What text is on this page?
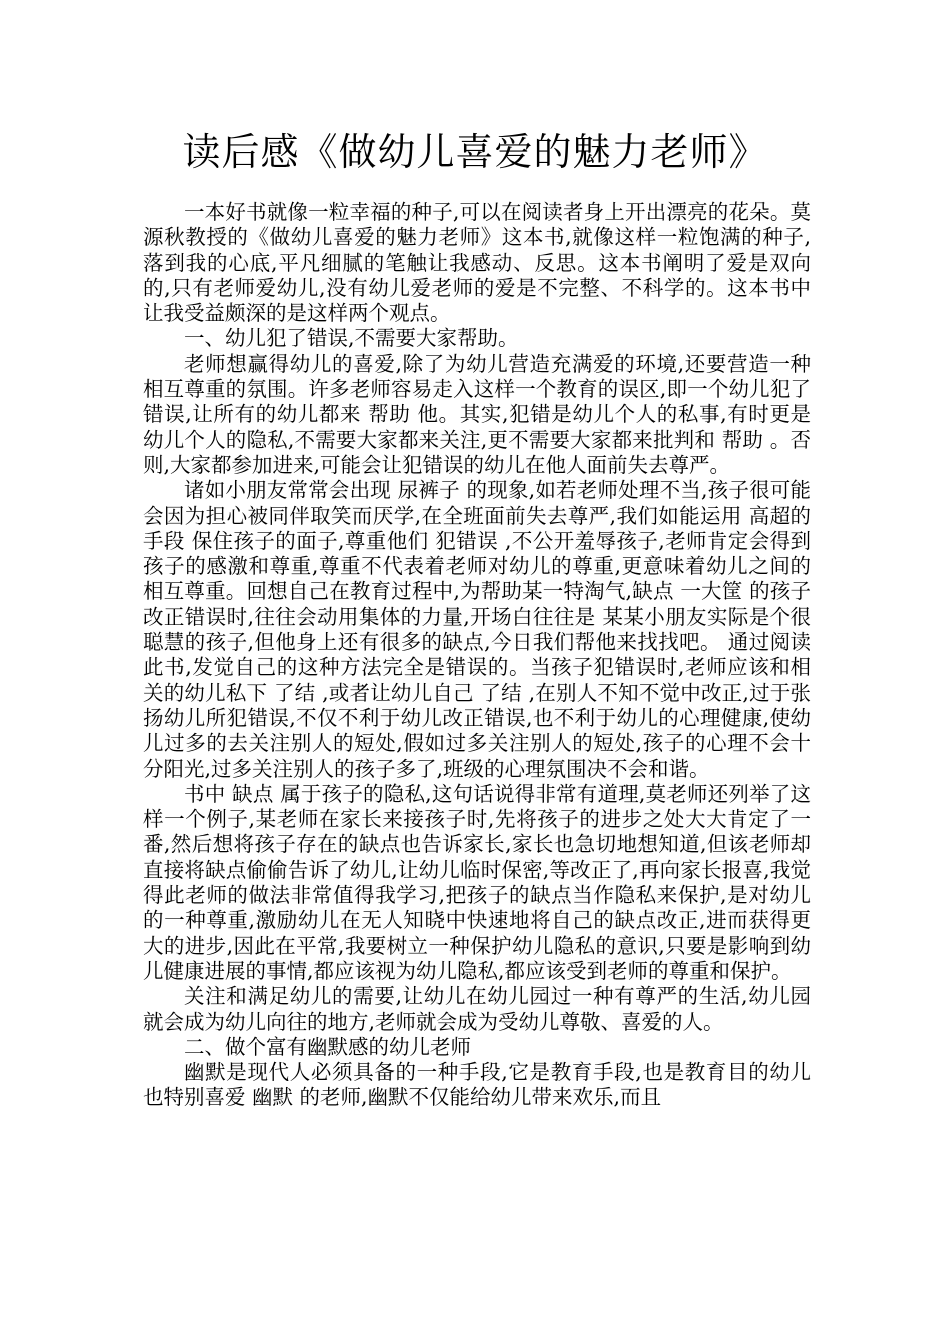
读后感《做幼儿喜爱的魅力老师》

一本好书就像一粒幸福的种子,可以在阅读者身上开出漂亮的花朵。莫源秋教授的《做幼儿喜爱的魅力老师》这本书,就像这样一粒饱满的种子,落到我的心底,平凡细腻的笔触让我感动、反思。这本书阐明了爱是双向的,只有老师爱幼儿,没有幼儿爱老师的爱是不完整、不科学的。这本书中让我受益颇深的是这样两个观点。

一、幼儿犯了错误,不需要大家帮助。

老师想赢得幼儿的喜爱,除了为幼儿营造充满爱的环境,还要营造一种相互尊重的氛围。许多老师容易走入这样一个教育的误区,即一个幼儿犯了错误,让所有的幼儿都来 帮助 他。其实,犯错是幼儿个人的私事,有时更是幼儿个人的隐私,不需要大家都来关注,更不需要大家都来批判和 帮助 。否则,大家都参加进来,可能会让犯错误的幼儿在他人面前失去尊严。

诸如小朋友常常会出现 尿裤子 的现象,如若老师处理不当,孩子很可能会因为担心被同伴取笑而厌学,在全班面前失去尊严,我们如能运用 高超的手段 保住孩子的面子,尊重他们 犯错误 ,不公开羞辱孩子,老师肯定会得到孩子的感激和尊重,尊重不代表着老师对幼儿的尊重,更意味着幼儿之间的相互尊重。回想自己在教育过程中,为帮助某一特淘气,缺点 一大筐 的孩子改正错误时,往往会动用集体的力量,开场白往往是 某某小朋友实际是个很聪慧的孩子,但他身上还有很多的缺点,今日我们帮他来找找吧。 通过阅读此书,发觉自己的这种方法完全是错误的。当孩子犯错误时,老师应该和相关的幼儿私下 了结 ,或者让幼儿自己 了结 ,在别人不知不觉中改正,过于张扬幼儿所犯错误,不仅不利于幼儿改正错误,也不利于幼儿的心理健康,使幼儿过多的去关注别人的短处,假如过多关注别人的短处,孩子的心理不会十分阳光,过多关注别人的孩子多了,班级的心理氛围决不会和谐。

书中 缺点 属于孩子的隐私,这句话说得非常有道理,莫老师还列举了这样一个例子,某老师在家长来接孩子时,先将孩子的进步之处大大肯定了一番,然后想将孩子存在的缺点也告诉家长,家长也急切地想知道,但该老师却直接将缺点偷偷告诉了幼儿,让幼儿临时保密,等改正了,再向家长报喜,我觉得此老师的做法非常值得我学习,把孩子的缺点当作隐私来保护,是对幼儿的一种尊重,激励幼儿在无人知晓中快速地将自己的缺点改正,进而获得更大的进步,因此在平常,我要树立一种保护幼儿隐私的意识,只要是影响到幼儿健康进展的事情,都应该视为幼儿隐私,都应该受到老师的尊重和保护。

关注和满足幼儿的需要,让幼儿在幼儿园过一种有尊严的生活,幼儿园就会成为幼儿向往的地方,老师就会成为受幼儿尊敬、喜爱的人。

二、做个富有幽默感的幼儿老师

幽默是现代人必须具备的一种手段,它是教育手段,也是教育目的幼儿也特别喜爱 幽默 的老师,幽默不仅能给幼儿带来欢乐,而且
